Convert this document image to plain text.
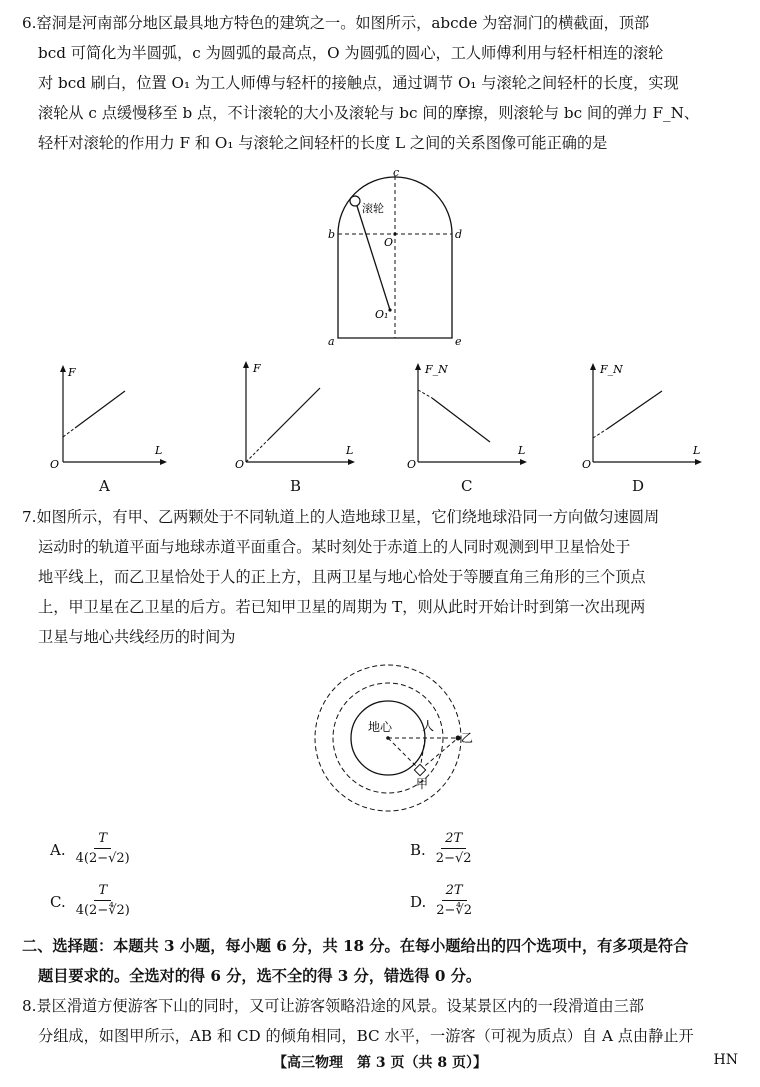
6.窑洞是河南部分地区最具地方特色的建筑之一。如图所示，abcde 为窑洞门的横截面，顶部
bcd 可简化为半圆弧，c 为圆弧的最高点，O 为圆弧的圆心，工人师傅利用与轻杆相连的滚轮
对 bcd 刷白，位置 O₁ 为工人师傅与轻杆的接触点，通过调节 O₁ 与滚轮之间轻杆的长度，实现
滚轮从 c 点缓慢移至 b 点，不计滚轮的大小及滚轮与 bc 间的摩擦，则滚轮与 bc 间的弹力 F_N、
轻杆对滚轮的作用力 F 和 O₁ 与滚轮之间轻杆的长度 L 之间的关系图像可能正确的是
c
b	d
O
O₁
a	e
滚轮
F
L
O
A
F
L
O
B
F_N
L
O
C
F_N
L
O
D
7.如图所示，有甲、乙两颗处于不同轨道上的人造地球卫星，它们绕地球沿同一方向做匀速圆周
运动时的轨道平面与地球赤道平面重合。某时刻处于赤道上的人同时观测到甲卫星恰处于
地平线上，而乙卫星恰处于人的正上方，且两卫星与地心恰处于等腰直角三角形的三个顶点
上，甲卫星在乙卫星的后方。若已知甲卫星的周期为 T，则从此时开始计时到第一次出现两
卫星与地心共线经历的时间为
地心 人
乙
甲
A. $\frac{T}{4(2-√2)}$	B. $\frac{2T}{2-√2}$
C. $\frac{T}{4(2-∜2)}$	D. $\frac{2T}{2-∜2}$
二、选择题：本题共 3 小题，每小题 6 分，共 18 分。在每小题给出的四个选项中，有多项是符合
题目要求的。全选对的得 6 分，选不全的得 3 分，错选得 0 分。
8.景区滑道方便游客下山的同时，又可让游客领略沿途的风景。设某景区内的一段滑道由三部
分组成，如图甲所示，AB 和 CD 的倾角相同，BC 水平，一游客（可视为质点）自 A 点由静止开
【高三物理　第 3 页（共 8 页）】	HN
